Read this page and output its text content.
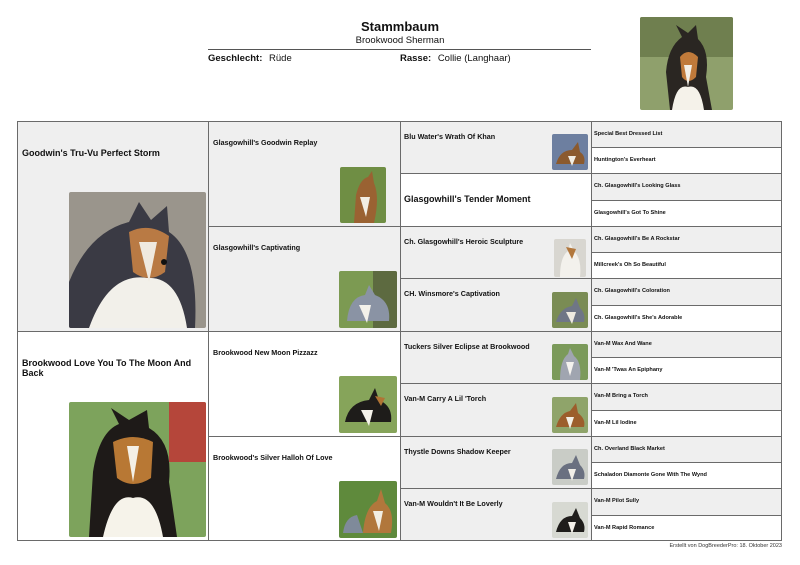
Stammbaum
Brookwood Sherman
Geschlecht: Rüde	Rasse: Collie (Langhaar)
Goodwin's Tru-Vu Perfect Storm
Brookwood Love You To The Moon And Back
Glasgowhill's Goodwin Replay
Glasgowhill's Captivating
Brookwood New Moon Pizzazz
Brookwood's Silver Halloh Of Love
Blu Water's Wrath Of Khan
Glasgowhill's Tender Moment
Ch. Glasgowhill's Heroic Sculpture
CH. Winsmore's Captivation
Tuckers Silver Eclipse at Brookwood
Van-M Carry A Lil 'Torch
Thystle Downs Shadow Keeper
Van-M Wouldn't It Be Loverly
Special Best Dressed List
Huntington's Everheart
Ch. Glasgowhill's Looking Glass
Glasgowhill's Got To Shine
Ch. Glasgowhill's Be A Rockstar
Millcreek's Oh So Beautiful
Ch. Glasgowhill's Coloration
Ch. Glasgowhill's She's Adorable
Van-M Wax And Wane
Van-M 'Twas An Epiphany
Van-M Bring a Torch
Van-M Lil Iodine
Ch. Overland Black Market
Schaladon Diamonte Gone With The Wynd
Van-M Pilot Sully
Van-M Rapid Romance
Erstellt von DogBreederPro: 18. Oktober 2023
